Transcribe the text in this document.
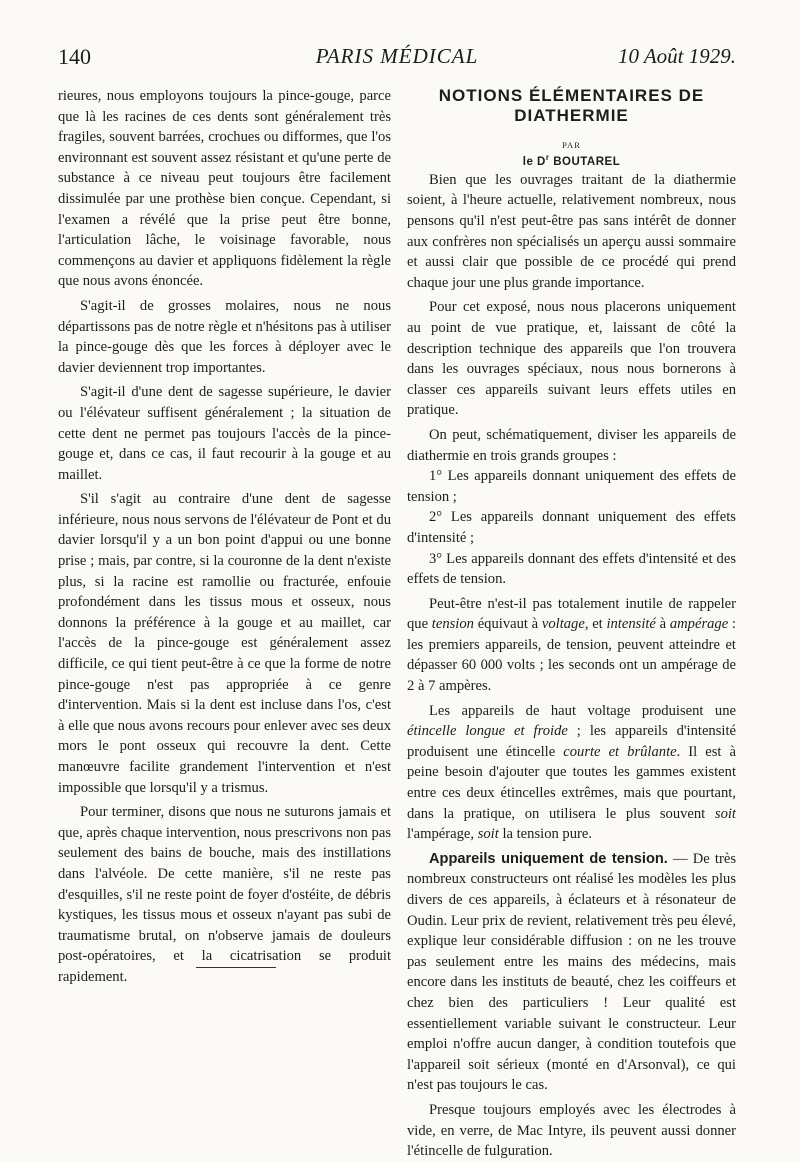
140	PARIS MÉDICAL	10 Août 1929.

rieures, nous employons toujours la pince-gouge, parce que là les racines de ces dents sont généralement très fragiles, souvent barrées, crochues ou difformes, que l'os environnant est souvent assez résistant et qu'une perte de substance à ce niveau peut toujours être facilement dissimulée par une prothèse bien conçue. Cependant, si l'examen a révélé que la prise peut être bonne, l'articulation lâche, le voisinage favorable, nous commençons au davier et appliquons fidèlement la règle que nous avons énoncée.

S'agit-il de grosses molaires, nous ne nous départissons pas de notre règle et n'hésitons pas à utiliser la pince-gouge dès que les forces à déployer avec le davier deviennent trop importantes.

S'agit-il d'une dent de sagesse supérieure, le davier ou l'élévateur suffisent généralement ; la situation de cette dent ne permet pas toujours l'accès de la pince-gouge et, dans ce cas, il faut recourir à la gouge et au maillet.

S'il s'agit au contraire d'une dent de sagesse inférieure, nous nous servons de l'élévateur de Pont et du davier lorsqu'il y a un bon point d'appui ou une bonne prise ; mais, par contre, si la couronne de la dent n'existe plus, si la racine est ramollie ou fracturée, enfouie profondément dans les tissus mous et osseux, nous donnons la préférence à la gouge et au maillet, car l'accès de la pince-gouge est généralement assez difficile, ce qui tient peut-être à ce que la forme de notre pince-gouge n'est pas appropriée à ce genre d'intervention. Mais si la dent est incluse dans l'os, c'est à elle que nous avons recours pour enlever avec ses deux mors le pont osseux qui recouvre la dent. Cette manœuvre facilite grandement l'intervention et n'est impossible que lorsqu'il y a trismus.

Pour terminer, disons que nous ne suturons jamais et que, après chaque intervention, nous prescrivons non pas seulement des bains de bouche, mais des instillations dans l'alvéole. De cette manière, s'il ne reste pas d'esquilles, s'il ne reste point de foyer d'ostéite, de débris kystiques, les tissus mous et osseux n'ayant pas subi de traumatisme brutal, on n'observe jamais de douleurs post-opératoires, et la cicatrisation se produit rapidement.

NOTIONS ÉLÉMENTAIRES DE DIATHERMIE

PAR

le $D^r$ BOUTAREL

Bien que les ouvrages traitant de la diathermie soient, à l'heure actuelle, relativement nombreux, nous pensons qu'il n'est peut-être pas sans intérêt de donner aux confrères non spécialisés un aperçu aussi sommaire et aussi clair que possible de ce procédé qui prend chaque jour une plus grande importance.

Pour cet exposé, nous nous placerons uniquement au point de vue pratique, et, laissant de côté la description technique des appareils que l'on trouvera dans les ouvrages spéciaux, nous nous bornerons à classer ces appareils suivant leurs effets utiles en pratique.

On peut, schématiquement, diviser les appareils de diathermie en trois grands groupes :

1° Les appareils donnant uniquement des effets de tension ;

2° Les appareils donnant uniquement des effets d'intensité ;

3° Les appareils donnant des effets d'intensité et des effets de tension.

Peut-être n'est-il pas totalement inutile de rappeler que tension équivaut à voltage, et intensité à ampérage : les premiers appareils, de tension, peuvent atteindre et dépasser 60 000 volts ; les seconds ont un ampérage de 2 à 7 ampères.

Les appareils de haut voltage produisent une étincelle longue et froide ; les appareils d'intensité produisent une étincelle courte et brûlante. Il est à peine besoin d'ajouter que toutes les gammes existent entre ces deux étincelles extrêmes, mais que pourtant, dans la pratique, on utilisera le plus souvent soit l'ampérage, soit la tension pure.

Appareils uniquement de tension. — De très nombreux constructeurs ont réalisé les modèles les plus divers de ces appareils, à éclateurs et à résonateur de Oudin. Leur prix de revient, relativement très peu élevé, explique leur considérable diffusion : on ne les trouve pas seulement entre les mains des médecins, mais encore dans les instituts de beauté, chez les coiffeurs et chez bien des particuliers ! Leur qualité est essentiellement variable suivant le constructeur. Leur emploi n'offre aucun danger, à condition toutefois que l'appareil soit sérieux (monté en d'Arsonval), ce qui n'est pas toujours le cas.

Presque toujours employés avec les électrodes à vide, en verre, de Mac Intyre, ils peuvent aussi donner l'étincelle de fulguration.
